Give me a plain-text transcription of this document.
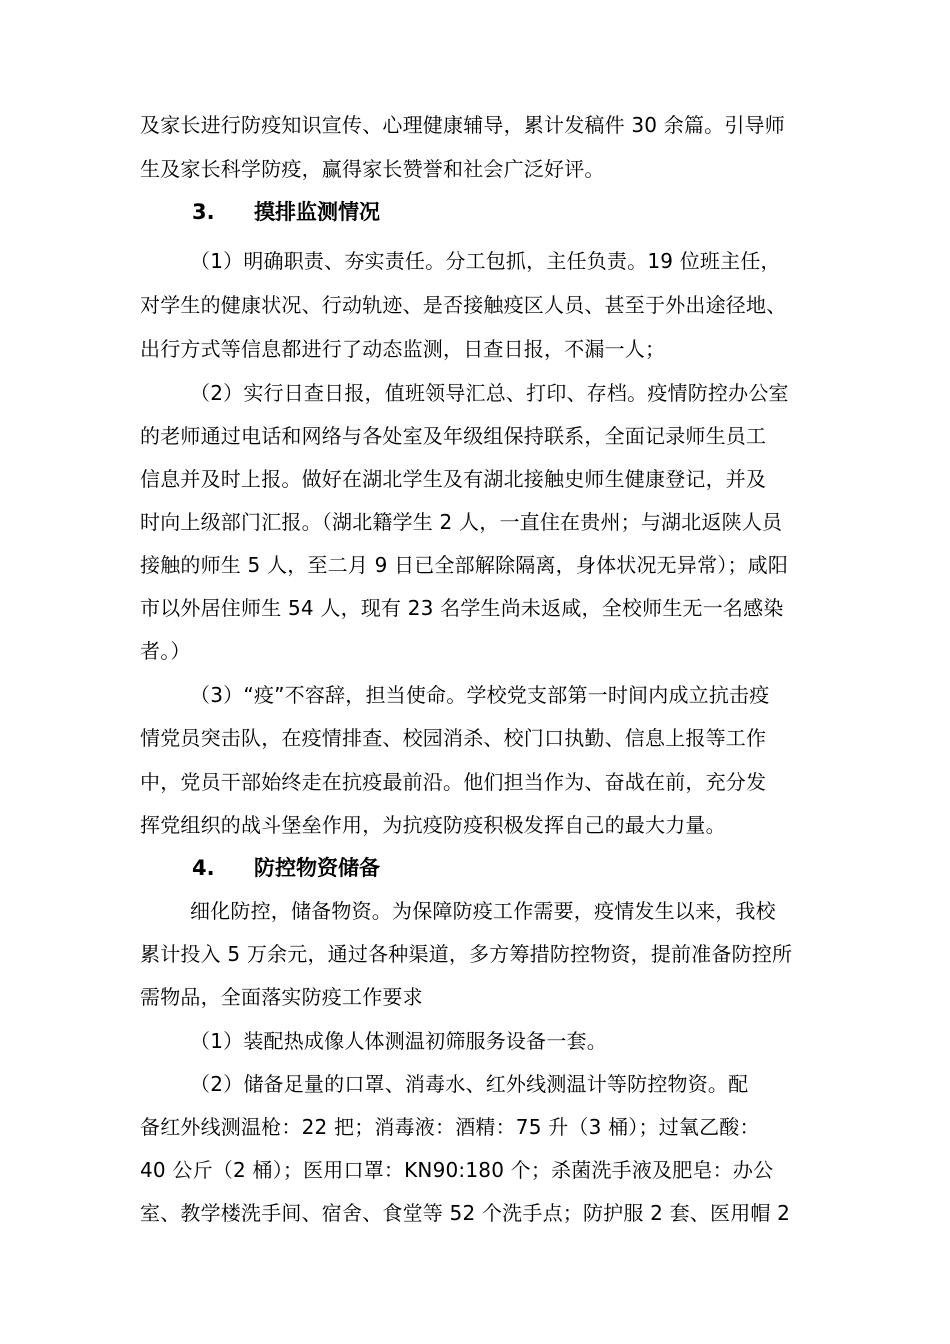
及家长进行防疫知识宣传、心理健康辅导，累计发稿件 30 余篇。引导师
生及家长科学防疫，赢得家长赞誉和社会广泛好评。
3. 摸排监测情况
（1）明确职责、夯实责任。分工包抓，主任负责。19 位班主任，
对学生的健康状况、行动轨迹、是否接触疫区人员、甚至于外出途径地、
出行方式等信息都进行了动态监测，日查日报，不漏一人；
（2）实行日查日报，值班领导汇总、打印、存档。疫情防控办公室
的老师通过电话和网络与各处室及年级组保持联系，全面记录师生员工
信息并及时上报。做好在湖北学生及有湖北接触史师生健康登记，并及
时向上级部门汇报。（湖北籍学生 2 人，一直住在贵州；与湖北返陕人员
接触的师生 5 人，至二月 9 日已全部解除隔离，身体状况无异常）；咸阳
市以外居住师生 54 人，现有 23 名学生尚未返咸，全校师生无一名感染
者。）
（3）“疫”不容辞，担当使命。学校党支部第一时间内成立抗击疫
情党员突击队，在疫情排查、校园消杀、校门口执勤、信息上报等工作
中，党员干部始终走在抗疫最前沿。他们担当作为、奋战在前，充分发
挥党组织的战斗堡垒作用，为抗疫防疫积极发挥自己的最大力量。
4. 防控物资储备
细化防控，储备物资。为保障防疫工作需要，疫情发生以来，我校
累计投入 5 万余元，通过各种渠道，多方筹措防控物资，提前准备防控所
需物品，全面落实防疫工作要求
（1）装配热成像人体测温初筛服务设备一套。
（2）储备足量的口罩、消毒水、红外线测温计等防控物资。配
备红外线测温枪：22 把；消毒液：酒精：75 升（3 桶）；过氧乙酸：
40 公斤（2 桶）；医用口罩：KN90:180 个；杀菌洗手液及肥皂：办公
室、教学楼洗手间、宿舍、食堂等 52 个洗手点；防护服 2 套、医用帽 2
